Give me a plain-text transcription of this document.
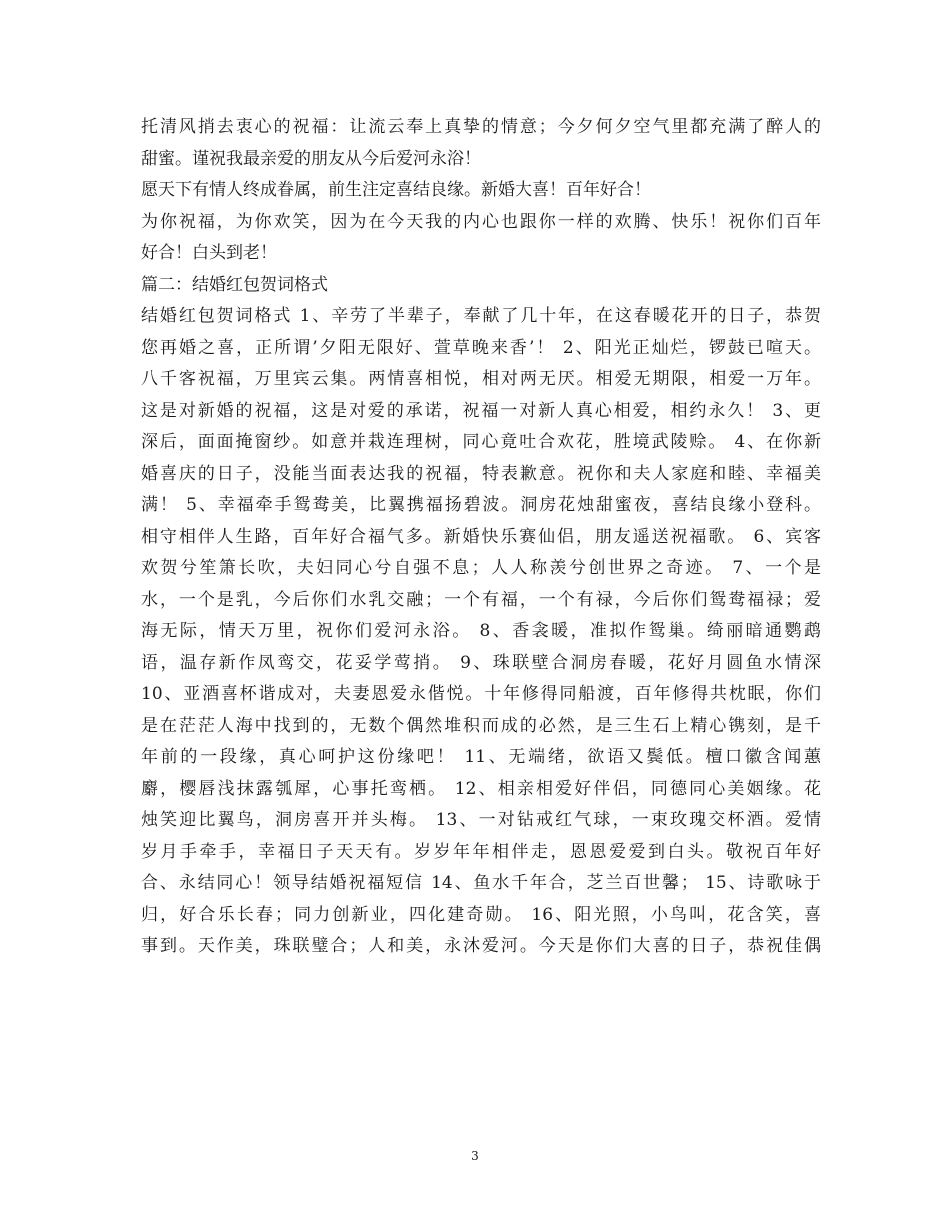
托清风捎去衷心的祝福：让流云奉上真挚的情意；今夕何夕空气里都充满了醉人的
甜蜜。谨祝我最亲爱的朋友从今后爱河永浴！
愿天下有情人终成眷属，前生注定喜结良缘。新婚大喜！百年好合！
为你祝福，为你欢笑，因为在今天我的内心也跟你一样的欢腾、快乐！祝你们百年
好合！白头到老！
篇二：结婚红包贺词格式
结婚红包贺词格式 1、辛劳了半辈子，奉献了几十年，在这春暖花开的日子，恭贺
您再婚之喜，正所谓’夕阳无限好、萱草晚来香’！ 2、阳光正灿烂，锣鼓已喧天。
八千客祝福，万里宾云集。两情喜相悦，相对两无厌。相爱无期限，相爱一万年。
这是对新婚的祝福，这是对爱的承诺，祝福一对新人真心相爱，相约永久！ 3、更
深后，面面掩窗纱。如意并栽连理树，同心竟吐合欢花，胜境武陵赊。 4、在你新
婚喜庆的日子，没能当面表达我的祝福，特表歉意。祝你和夫人家庭和睦、幸福美
满！ 5、幸福牵手鸳鸯美，比翼携福扬碧波。洞房花烛甜蜜夜，喜结良缘小登科。
相守相伴人生路，百年好合福气多。新婚快乐赛仙侣，朋友遥送祝福歌。 6、宾客
欢贺兮笙箫长吹，夫妇同心兮自强不息；人人称羡兮创世界之奇迹。 7、一个是
水，一个是乳，今后你们水乳交融；一个有福，一个有禄，今后你们鸳鸯福禄；爱
海无际，情天万里，祝你们爱河永浴。 8、香衾暖，准拟作鸳巢。绮丽暗通鹦鹉
语，温存新作凤鸾交，花妥学莺捎。 9、珠联壁合洞房春暖，花好月圆鱼水情深
10、亚酒喜杯谐成对，夫妻恩爱永偕悦。十年修得同船渡，百年修得共枕眠，你们
是在茫茫人海中找到的，无数个偶然堆积而成的必然，是三生石上精心镌刻，是千
年前的一段缘，真心呵护这份缘吧！ 11、无端绪，欲语又鬓低。檀口徽含闻蕙
麝，樱唇浅抹露瓠犀，心事托鸾栖。 12、相亲相爱好伴侣，同德同心美姻缘。花
烛笑迎比翼鸟，洞房喜开并头梅。 13、一对钻戒红气球，一束玫瑰交杯酒。爱情
岁月手牵手，幸福日子天天有。岁岁年年相伴走，恩恩爱爱到白头。敬祝百年好
合、永结同心！领导结婚祝福短信 14、鱼水千年合，芝兰百世馨； 15、诗歌咏于
归，好合乐长春；同力创新业，四化建奇勋。 16、阳光照，小鸟叫，花含笑，喜
事到。天作美，珠联璧合；人和美，永沐爱河。今天是你们大喜的日子，恭祝佳偶
3
